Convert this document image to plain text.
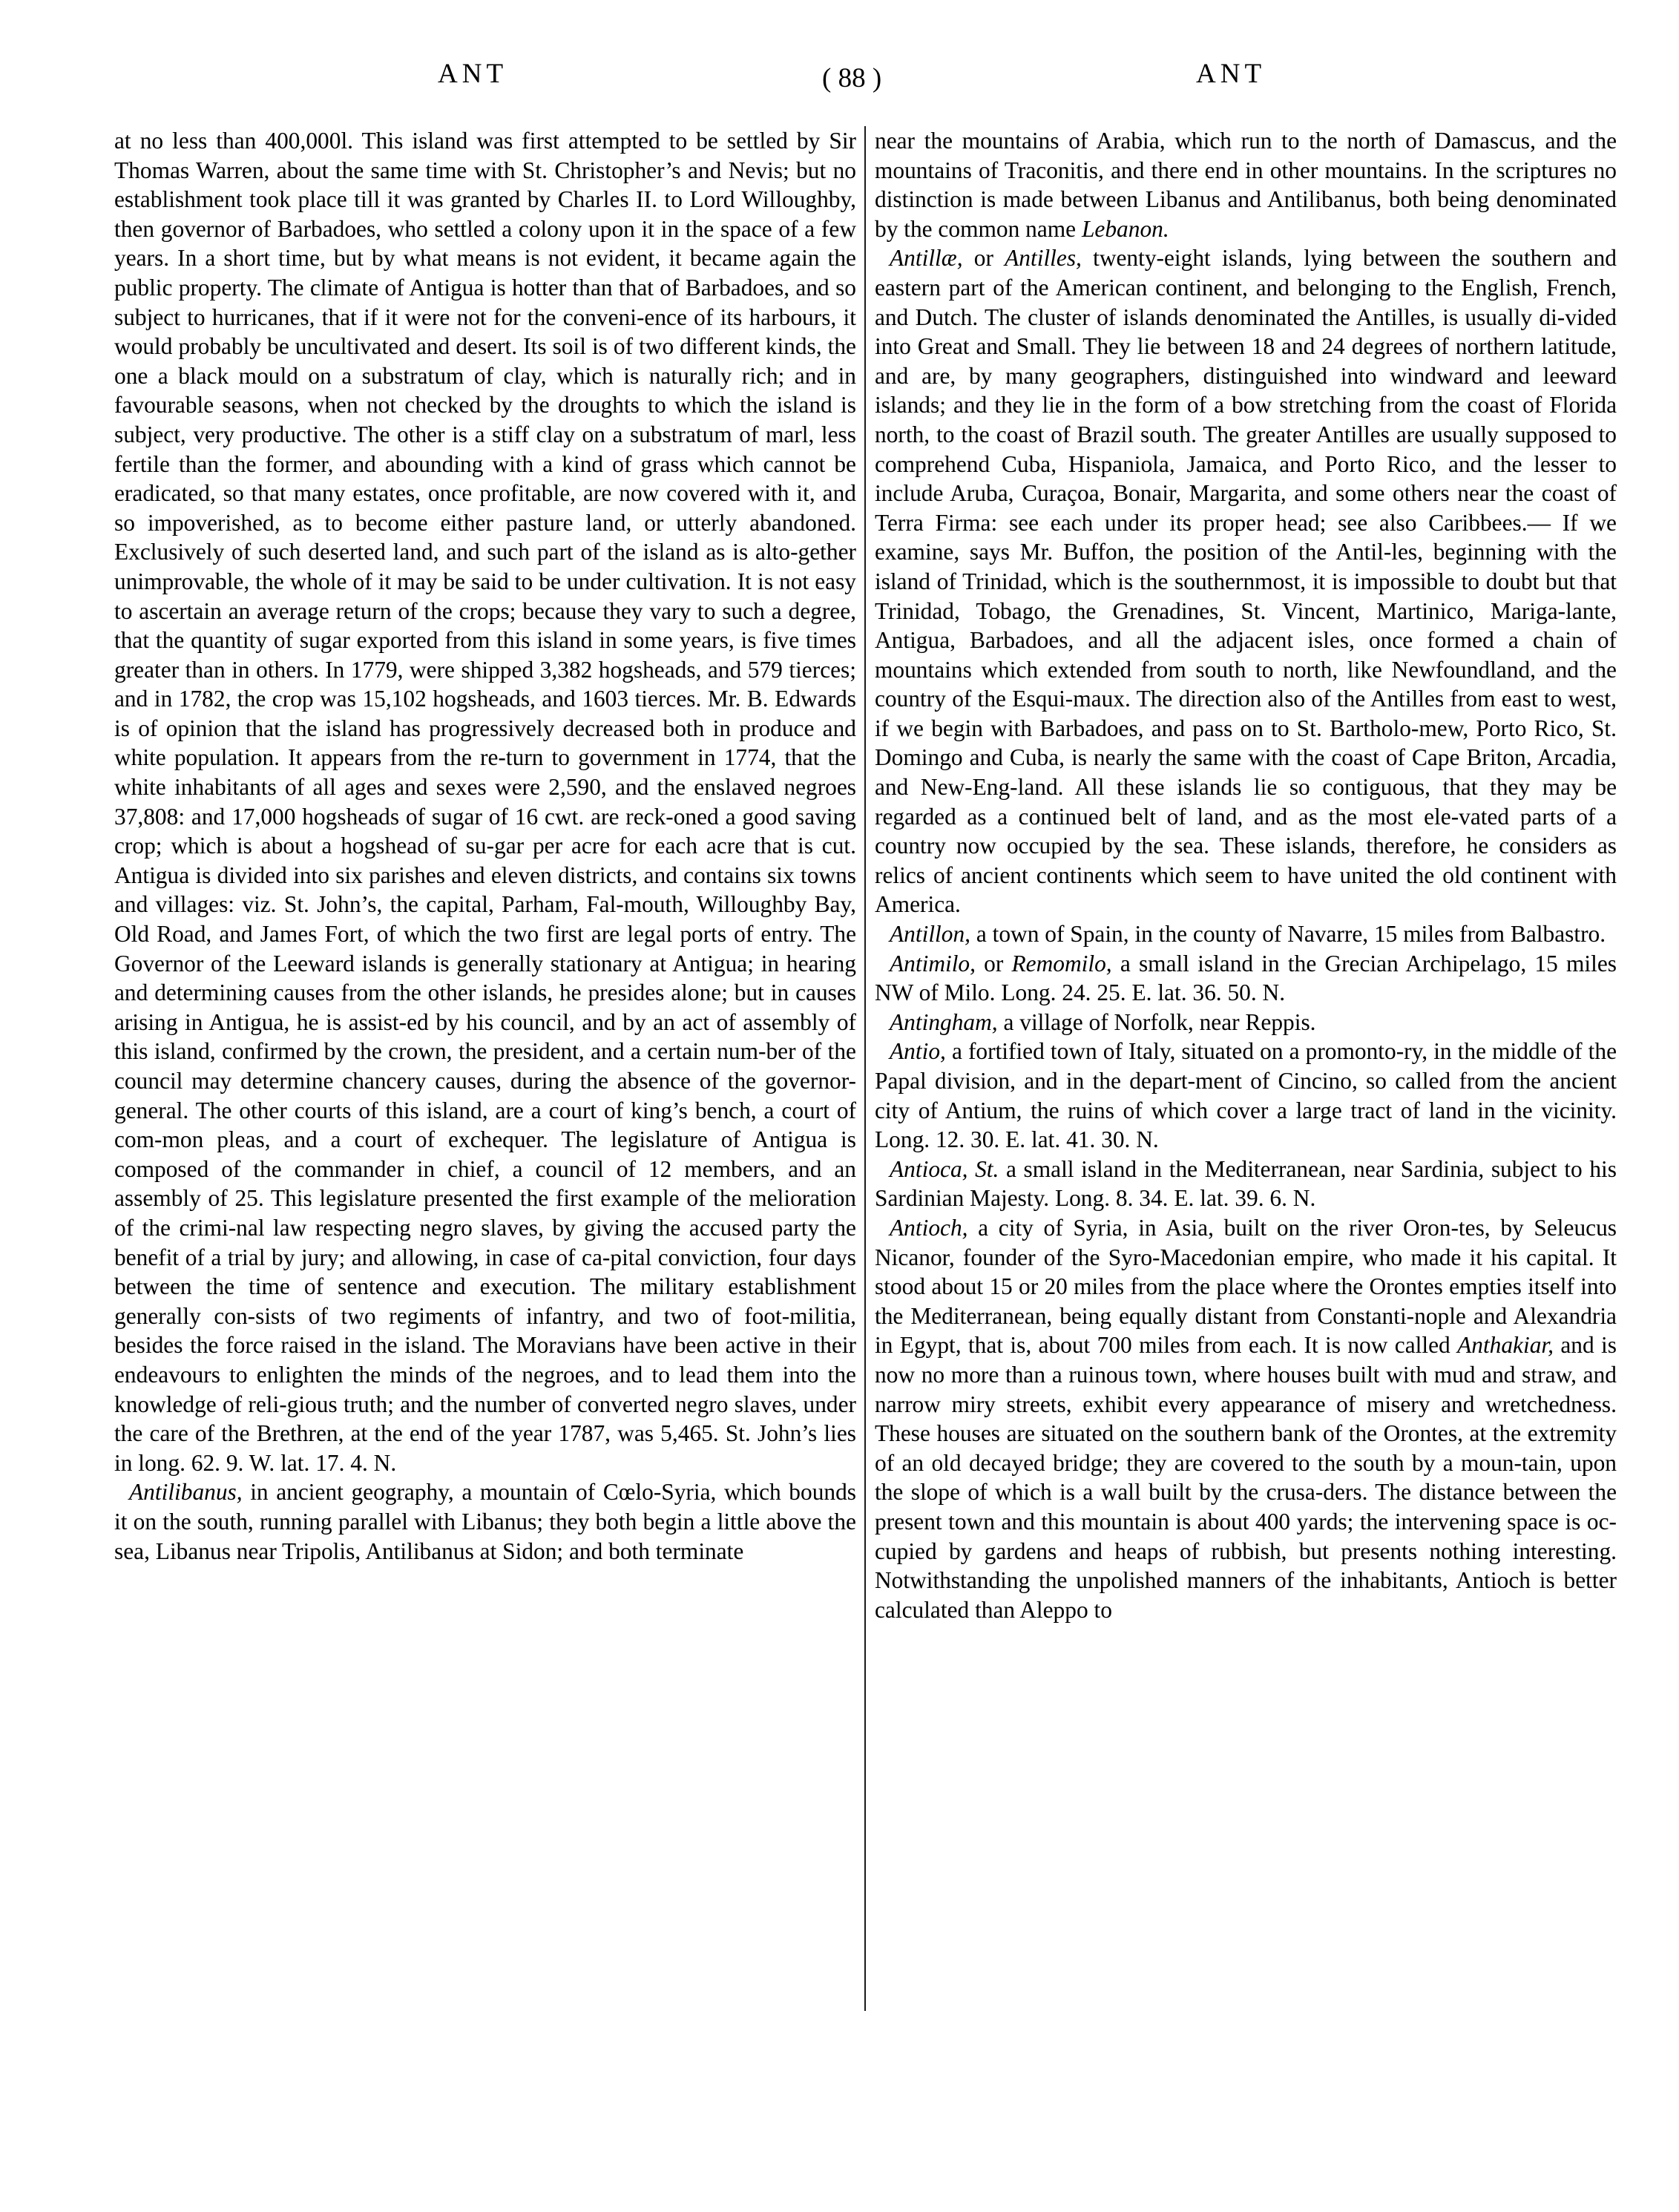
ANT	( 88 )	ANT

at no less than 400,000l. This island was first attempted to be settled by Sir Thomas Warren, about the same time with St. Christopher’s and Nevis; but no establishment took place till it was granted by Charles II. to Lord Willoughby, then governor of Barbadoes, who settled a colony upon it in the space of a few years. In a short time, but by what means is not evident, it became again the public property. The climate of Antigua is hotter than that of Barbadoes, and so subject to hurricanes, that if it were not for the conveni-ence of its harbours, it would probably be uncultivated and desert. Its soil is of two different kinds, the one a black mould on a substratum of clay, which is naturally rich; and in favourable seasons, when not checked by the droughts to which the island is subject, very productive. The other is a stiff clay on a substratum of marl, less fertile than the former, and abounding with a kind of grass which cannot be eradicated, so that many estates, once profitable, are now covered with it, and so impoverished, as to become either pasture land, or utterly abandoned. Exclusively of such deserted land, and such part of the island as is alto-gether unimprovable, the whole of it may be said to be under cultivation. It is not easy to ascertain an average return of the crops; because they vary to such a degree, that the quantity of sugar exported from this island in some years, is five times greater than in others. In 1779, were shipped 3,382 hogsheads, and 579 tierces; and in 1782, the crop was 15,102 hogsheads, and 1603 tierces. Mr. B. Edwards is of opinion that the island has progressively decreased both in produce and white population. It appears from the re-turn to government in 1774, that the white inhabitants of all ages and sexes were 2,590, and the enslaved negroes 37,808: and 17,000 hogsheads of sugar of 16 cwt. are reck-oned a good saving crop; which is about a hogshead of su-gar per acre for each acre that is cut. Antigua is divided into six parishes and eleven districts, and contains six towns and villages: viz. St. John’s, the capital, Parham, Fal-mouth, Willoughby Bay, Old Road, and James Fort, of which the two first are legal ports of entry. The Governor of the Leeward islands is generally stationary at Antigua; in hearing and determining causes from the other islands, he presides alone; but in causes arising in Antigua, he is assist-ed by his council, and by an act of assembly of this island, confirmed by the crown, the president, and a certain num-ber of the council may determine chancery causes, during the absence of the governor-general. The other courts of this island, are a court of king’s bench, a court of com-mon pleas, and a court of exchequer. The legislature of Antigua is composed of the commander in chief, a council of 12 members, and an assembly of 25. This legislature presented the first example of the melioration of the crimi-nal law respecting negro slaves, by giving the accused party the benefit of a trial by jury; and allowing, in case of ca-pital conviction, four days between the time of sentence and execution. The military establishment generally con-sists of two regiments of infantry, and two of foot-militia, besides the force raised in the island. The Moravians have been active in their endeavours to enlighten the minds of the negroes, and to lead them into the knowledge of reli-gious truth; and the number of converted negro slaves, under the care of the Brethren, at the end of the year 1787, was 5,465. St. John’s lies in long. 62. 9. W. lat. 17. 4. N.

Antilibanus, in ancient geography, a mountain of Cœlo-Syria, which bounds it on the south, running parallel with Libanus; they both begin a little above the sea, Libanus near Tripolis, Antilibanus at Sidon; and both terminate

near the mountains of Arabia, which run to the north of Damascus, and the mountains of Traconitis, and there end in other mountains. In the scriptures no distinction is made between Libanus and Antilibanus, both being denominated by the common name Lebanon.

Antillæ, or Antilles, twenty-eight islands, lying between the southern and eastern part of the American continent, and belonging to the English, French, and Dutch. The cluster of islands denominated the Antilles, is usually di-vided into Great and Small. They lie between 18 and 24 degrees of northern latitude, and are, by many geographers, distinguished into windward and leeward islands; and they lie in the form of a bow stretching from the coast of Florida north, to the coast of Brazil south. The greater Antilles are usually supposed to comprehend Cuba, Hispaniola, Jamaica, and Porto Rico, and the lesser to include Aruba, Curaçoa, Bonair, Margarita, and some others near the coast of Terra Firma: see each under its proper head; see also Caribbees.— If we examine, says Mr. Buffon, the position of the Antil-les, beginning with the island of Trinidad, which is the southernmost, it is impossible to doubt but that Trinidad, Tobago, the Grenadines, St. Vincent, Martinico, Mariga-lante, Antigua, Barbadoes, and all the adjacent isles, once formed a chain of mountains which extended from south to north, like Newfoundland, and the country of the Esqui-maux. The direction also of the Antilles from east to west, if we begin with Barbadoes, and pass on to St. Bartholo-mew, Porto Rico, St. Domingo and Cuba, is nearly the same with the coast of Cape Briton, Arcadia, and New-Eng-land. All these islands lie so contiguous, that they may be regarded as a continued belt of land, and as the most ele-vated parts of a country now occupied by the sea. These islands, therefore, he considers as relics of ancient continents which seem to have united the old continent with America.

Antillon, a town of Spain, in the county of Navarre, 15 miles from Balbastro.

Antimilo, or Remomilo, a small island in the Grecian Archipelago, 15 miles NW of Milo. Long. 24. 25. E. lat. 36. 50. N.

Antingham, a village of Norfolk, near Reppis.

Antio, a fortified town of Italy, situated on a promonto-ry, in the middle of the Papal division, and in the depart-ment of Cincino, so called from the ancient city of Antium, the ruins of which cover a large tract of land in the vicinity. Long. 12. 30. E. lat. 41. 30. N.

Antioca, St. a small island in the Mediterranean, near Sardinia, subject to his Sardinian Majesty. Long. 8. 34. E. lat. 39. 6. N.

Antioch, a city of Syria, in Asia, built on the river Oron-tes, by Seleucus Nicanor, founder of the Syro-Macedonian empire, who made it his capital. It stood about 15 or 20 miles from the place where the Orontes empties itself into the Mediterranean, being equally distant from Constanti-nople and Alexandria in Egypt, that is, about 700 miles from each. It is now called Anthakiar, and is now no more than a ruinous town, where houses built with mud and straw, and narrow miry streets, exhibit every appearance of misery and wretchedness. These houses are situated on the southern bank of the Orontes, at the extremity of an old decayed bridge; they are covered to the south by a moun-tain, upon the slope of which is a wall built by the crusa-ders. The distance between the present town and this mountain is about 400 yards; the intervening space is oc-cupied by gardens and heaps of rubbish, but presents nothing interesting. Notwithstanding the unpolished manners of the inhabitants, Antioch is better calculated than Aleppo to
